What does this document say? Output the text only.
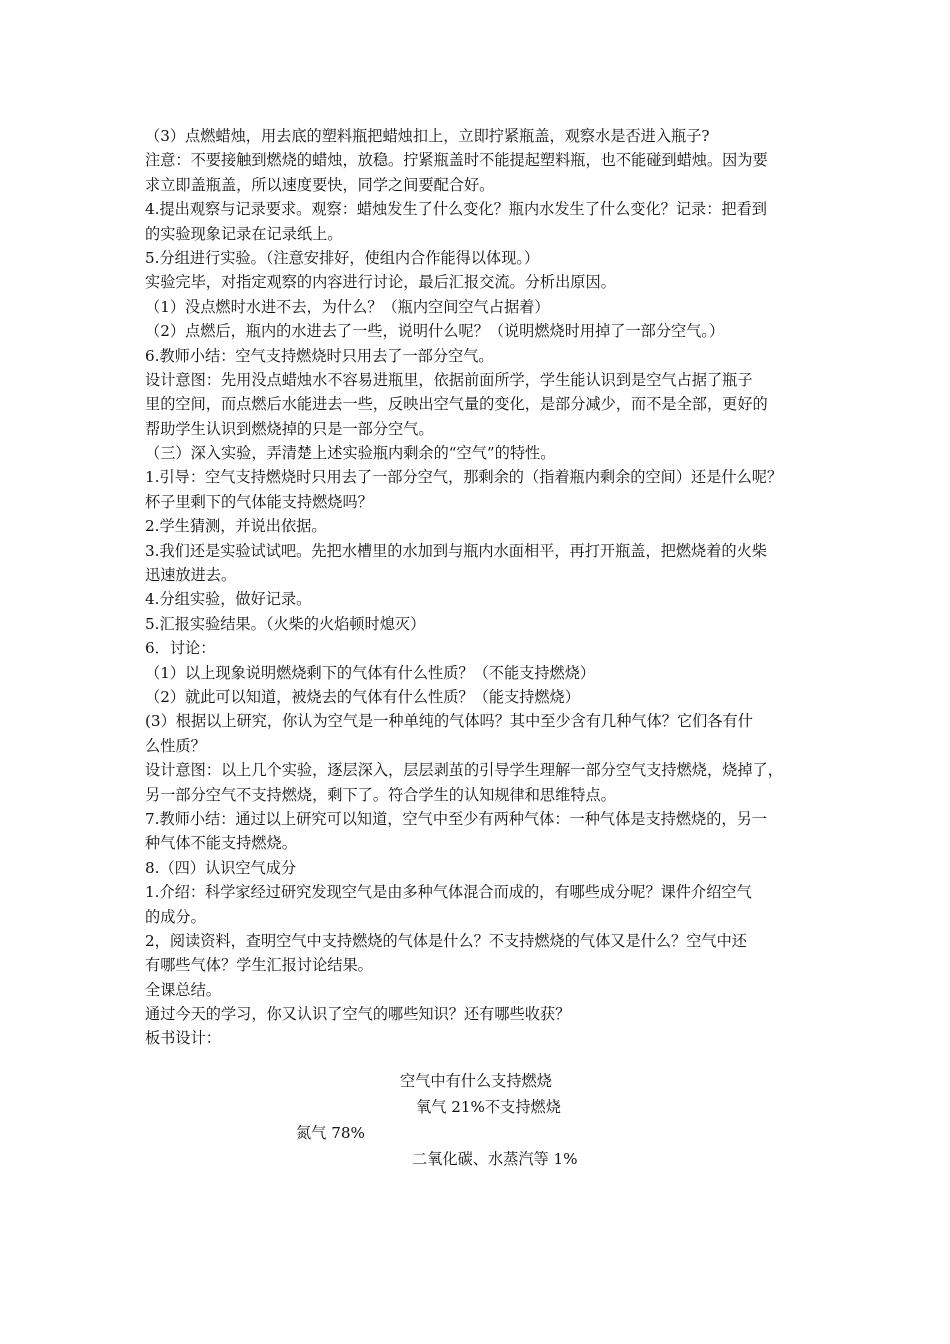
（3）点燃蜡烛，用去底的塑料瓶把蜡烛扣上，立即拧紧瓶盖，观察水是否进入瓶子?
注意：不要接触到燃烧的蜡烛，放稳。拧紧瓶盖时不能提起塑料瓶，也不能碰到蜡烛。因为要
求立即盖瓶盖，所以速度要快，同学之间要配合好。
4.提出观察与记录要求。观察：蜡烛发生了什么变化？瓶内水发生了什么变化？记录：把看到
的实验现象记录在记录纸上。
5.分组进行实验。（注意安排好，使组内合作能得以体现。）
实验完毕，对指定观察的内容进行讨论，最后汇报交流。分析出原因。
（1）没点燃时水进不去，为什么？（瓶内空间空气占据着）
（2）点燃后，瓶内的水进去了一些，说明什么呢？（说明燃烧时用掉了一部分空气。）
6.教师小结：空气支持燃烧时只用去了一部分空气。
设计意图：先用没点蜡烛水不容易进瓶里，依据前面所学，学生能认识到是空气占据了瓶子
里的空间，而点燃后水能进去一些，反映出空气量的变化，是部分减少，而不是全部，更好的
帮助学生认识到燃烧掉的只是一部分空气。
（三）深入实验，弄清楚上述实验瓶内剩余的“空气”的特性。
1.引导：空气支持燃烧时只用去了一部分空气，那剩余的（指着瓶内剩余的空间）还是什么呢？
杯子里剩下的气体能支持燃烧吗？
2.学生猜测，并说出依据。
3.我们还是实验试试吧。先把水槽里的水加到与瓶内水面相平，再打开瓶盖，把燃烧着的火柴
迅速放进去。
4.分组实验，做好记录。
5.汇报实验结果。（火柴的火焰顿时熄灭）
6．讨论：
（1）以上现象说明燃烧剩下的气体有什么性质？（不能支持燃烧）
（2）就此可以知道，被烧去的气体有什么性质？（能支持燃烧）
(3）根据以上研究，你认为空气是一种单纯的气体吗？其中至少含有几种气体？它们各有什
么性质？
设计意图：以上几个实验，逐层深入，层层剥茧的引导学生理解一部分空气支持燃烧，烧掉了，
另一部分空气不支持燃烧，剩下了。符合学生的认知规律和思维特点。
7.教师小结：通过以上研究可以知道，空气中至少有两种气体：一种气体是支持燃烧的，另一
种气体不能支持燃烧。
8.（四）认识空气成分
1.介绍：科学家经过研究发现空气是由多种气体混合而成的，有哪些成分呢？课件介绍空气
的成分。
2，阅读资料，查明空气中支持燃烧的气体是什么？不支持燃烧的气体又是什么？空气中还
有哪些气体？学生汇报讨论结果。
全课总结。
通过今天的学习，你又认识了空气的哪些知识？还有哪些收获？
板书设计：
空气中有什么支持燃烧
氧气 21%不支持燃烧
氮气 78%
二氧化碳、水蒸汽等 1%
